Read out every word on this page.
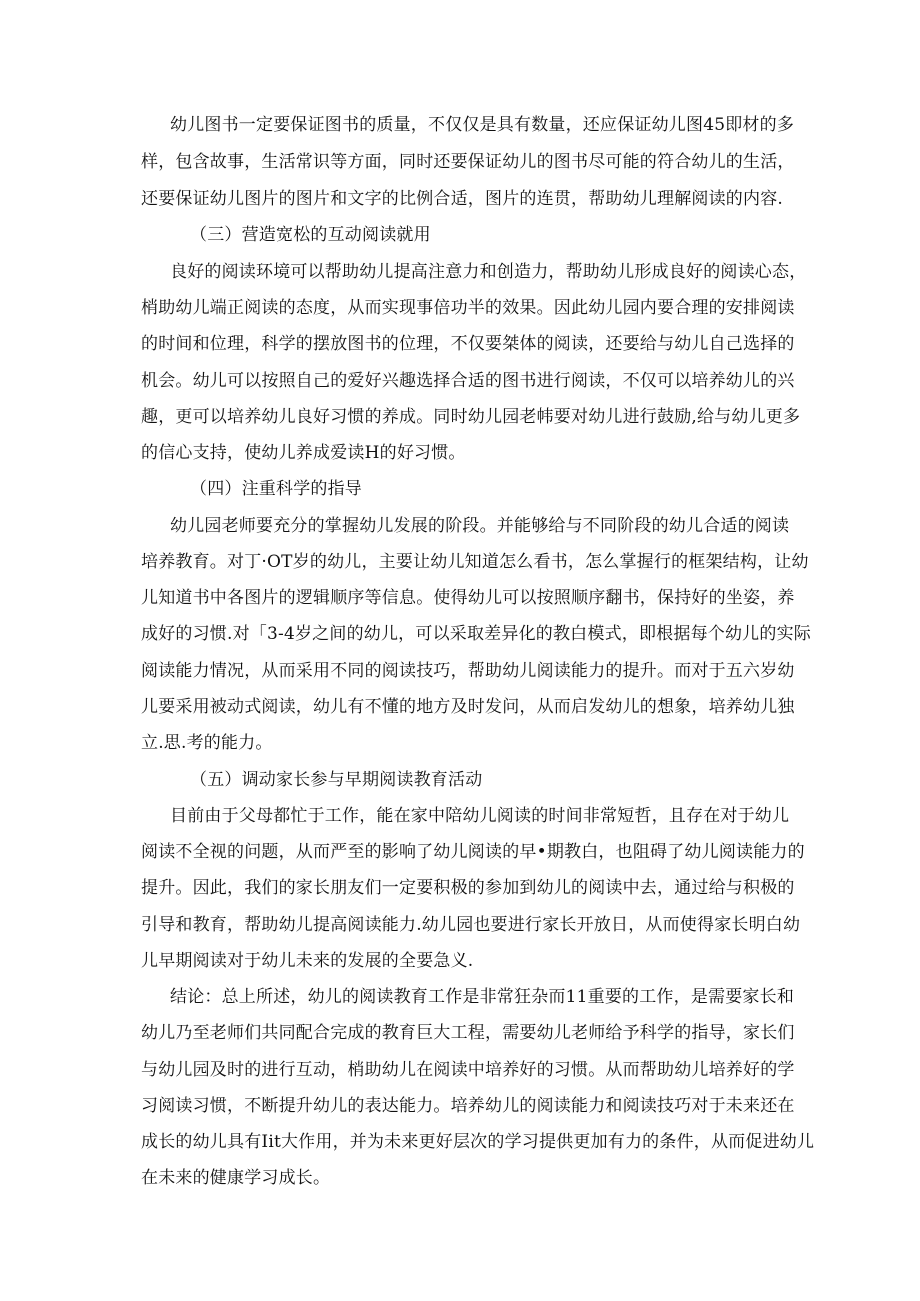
幼儿图书一定要保证图书的质量，不仅仅是具有数量，还应保证幼儿图45即材的多
样，包含故事，生活常识等方面，同时还要保证幼儿的图书尽可能的符合幼儿的生活，
还要保证幼儿图片的图片和文字的比例合适，图片的连贯，帮助幼儿理解阅读的内容.
（三）营造宽松的互动阅读就用
良好的阅读环境可以帮助幼儿提高注意力和创造力，帮助幼儿形成良好的阅读心态，
梢助幼儿端正阅读的态度，从而实现事倍功半的效果。因此幼儿园内要合理的安排阅读
的时间和位理，科学的摆放图书的位理，不仅要桀体的阅读，还要给与幼儿自己选择的
机会。幼儿可以按照自己的爱好兴趣选择合适的图书进行阅读，不仅可以培养幼儿的兴
趣，更可以培养幼儿良好习惯的养成。同时幼儿园老帏要对幼儿进行鼓励,给与幼儿更多
的信心支持，使幼儿养成爱读H的好习惯。
（四）注重科学的指导
幼儿园老师要充分的掌握幼儿发展的阶段。并能够给与不同阶段的幼儿合适的阅读
培养教育。对丁·OT岁的幼儿，主要让幼儿知道怎么看书，怎么掌握行的框架结构，让幼
儿知道书中各图片的逻辑顺序等信息。使得幼儿可以按照顺序翻书，保持好的坐姿，养
成好的习惯.对「3-4岁之间的幼儿，可以采取差异化的教白模式，即根据每个幼儿的实际
阅读能力情况，从而采用不同的阅读技巧，帮助幼儿阅读能力的提升。而对于五六岁幼
儿要采用被动式阅读，幼儿有不懂的地方及时发问，从而启发幼儿的想象，培养幼儿独
立.思.考的能力。
（五）调动家长参与早期阅读教育活动
目前由于父母都忙于工作，能在家中陪幼儿阅读的时间非常短哲，且存在对于幼儿
阅读不全视的问题，从而严至的影响了幼儿阅读的早•期教白，也阻碍了幼儿阅读能力的
提升。因此，我们的家长朋友们一定要积极的参加到幼儿的阅读中去，通过给与积极的
引导和教育，帮助幼儿提高阅读能力.幼儿园也要进行家长开放日，从而使得家长明白幼
儿早期阅读对于幼儿未来的发展的全要急义.
结论：总上所述，幼儿的阅读教育工作是非常狂杂而11重要的工作，是需要家长和
幼儿乃至老师们共同配合完成的教育巨大工程，需要幼儿老师给予科学的指导，家长们
与幼儿园及时的进行互动，梢助幼儿在阅读中培养好的习惯。从而帮助幼儿培养好的学
习阅读习惯，不断提升幼儿的表达能力。培养幼儿的阅读能力和阅读技巧对于未来还在
成长的幼儿具有Iit大作用，并为未来更好层次的学习提供更加有力的条件，从而促进幼儿
在未来的健康学习成长。
